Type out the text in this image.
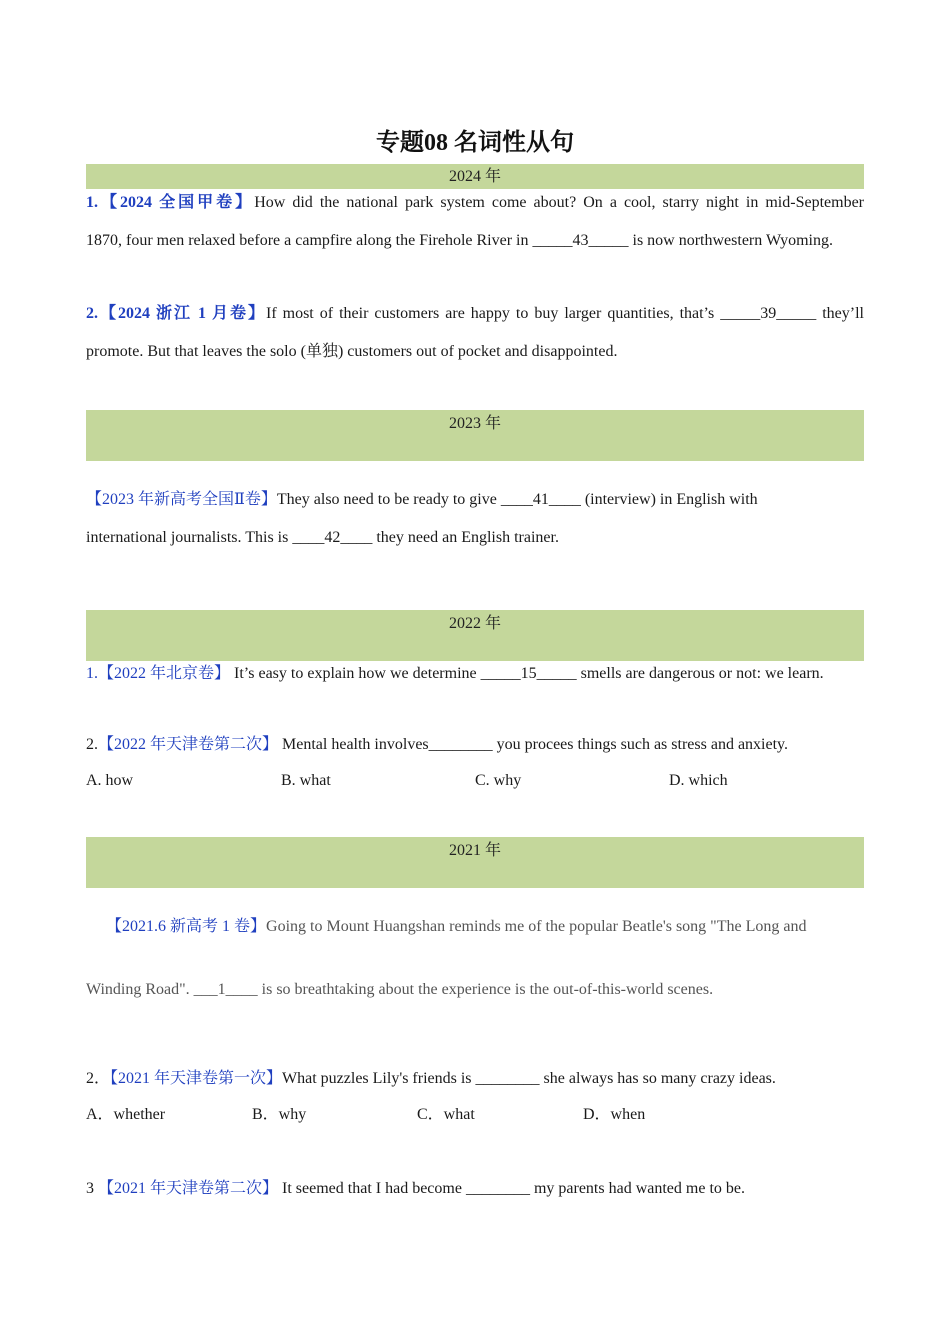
专题08 名词性从句
2024 年
1.【2024 全国甲卷】How did the national park system come about? On a cool, starry night in mid-September
1870, four men relaxed before a campfire along the Firehole River in _____43_____ is now northwestern Wyoming.
2.【2024 浙江 1 月卷】If most of their customers are happy to buy larger quantities, that’s _____39_____ they’ll
promote. But that leaves the solo (单独) customers out of pocket and disappointed.
2023 年
【2023 年新高考全国Ⅱ卷】They also need to be ready to give ____41____ (interview) in English with
international journalists. This is ____42____ they need an English trainer.
2022 年
1.【2022 年北京卷】 It’s easy to explain how we determine _____15_____ smells are dangerous or not: we learn.
2.【2022 年天津卷第二次】 Mental health involves________ you procees things such as stress and anxiety.
A. how	B. what	C. why	D. which
2021 年
【2021.6 新高考 1 卷】Going to Mount Huangshan reminds me of the popular Beatle's song "The Long and
Winding Road". ___1____ is so breathtaking about the experience is the out-of-this-world scenes.
2．【2021 年天津卷第一次】What puzzles Lily's friends is ________ she always has so many crazy ideas.
A．whether	B．why	C．what	D．when
3 【2021 年天津卷第二次】 It seemed that I had become ________ my parents had wanted me to be.
